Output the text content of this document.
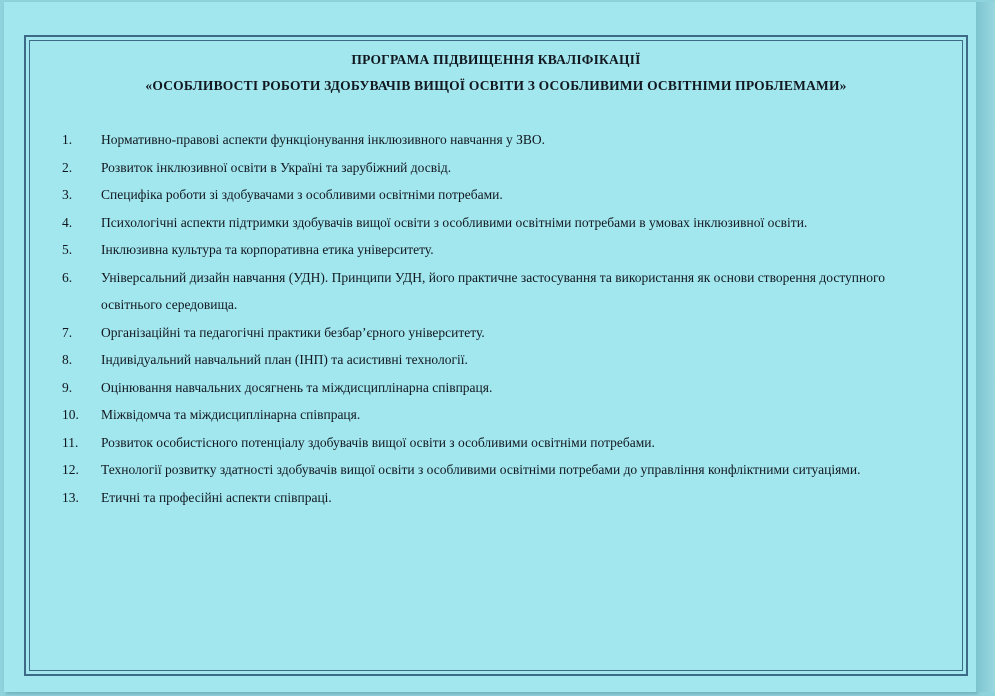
ПРОГРАМА ПІДВИЩЕННЯ КВАЛІФІКАЦІЇ
«ОСОБЛИВОСТІ РОБОТИ ЗДОБУВАЧІВ ВИЩОЇ ОСВІТИ З ОСОБЛИВИМИ ОСВІТНІМИ ПРОБЛЕМАМИ»
1.	Нормативно-правові аспекти функціонування інклюзивного навчання у ЗВО.
2.	Розвиток інклюзивної освіти в Україні та зарубіжний досвід.
3.	Специфіка роботи зі здобувачами з особливими освітніми потребами.
4.	Психологічні аспекти підтримки здобувачів вищої освіти з особливими освітніми потребами в умовах інклюзивної освіти.
5.	Інклюзивна культура та корпоративна етика університету.
6.	Універсальний дизайн навчання (УДН). Принципи УДН, його практичне застосування та використання як основи створення доступного освітнього середовища.
7.	Організаційні та педагогічні практики безбар’єрного університету.
8.	Індивідуальний навчальний план (ІНП) та асистивні технології.
9.	Оцінювання навчальних досягнень та міждисциплінарна співпраця.
10.	Міжвідомча та міждисциплінарна співпраця.
11.	Розвиток особистісного потенціалу здобувачів вищої освіти з особливими освітніми потребами.
12.	Технології розвитку здатності здобувачів вищої освіти з особливими освітніми потребами до управління конфліктними ситуаціями.
13.	Етичні та професійні аспекти співпраці.
